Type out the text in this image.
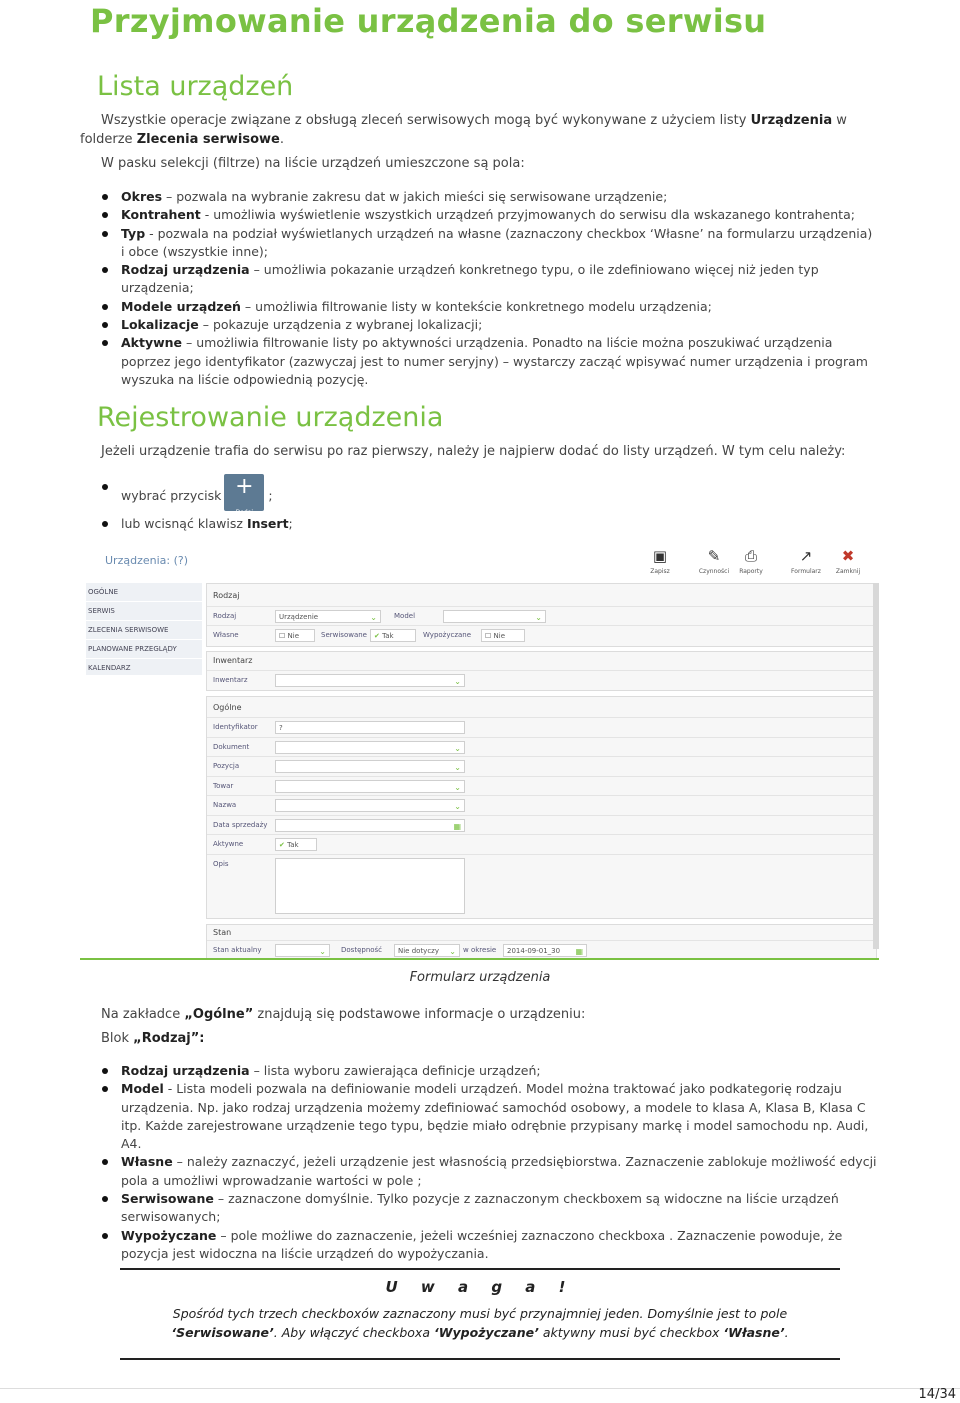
Przyjmowanie urządzenia do serwisu
Lista urządzeń
Wszystkie operacje związane z obsługą zleceń serwisowych mogą być wykonywane z użyciem listy Urządzenia w folderze Zlecenia serwisowe.
W pasku selekcji (filtrze) na liście urządzeń umieszczone są pola:
Okres – pozwala na wybranie zakresu dat w jakich mieści się serwisowane urządzenie;
Kontrahent - umożliwia wyświetlenie wszystkich urządzeń przyjmowanych do serwisu dla wskazanego kontrahenta;
Typ - pozwala na podział wyświetlanych urządzeń na własne (zaznaczony checkbox ‘Własne’ na formularzu urządzenia) i obce (wszystkie inne);
Rodzaj urządzenia – umożliwia pokazanie urządzeń konkretnego typu, o ile zdefiniowano więcej niż jeden typ urządzenia;
Modele urządzeń – umożliwia filtrowanie listy w kontekście konkretnego modelu urządzenia;
Lokalizacje – pokazuje urządzenia z wybranej lokalizacji;
Aktywne – umożliwia filtrowanie listy po aktywności urządzenia. Ponadto na liście można poszukiwać urządzenia poprzez jego identyfikator (zazwyczaj jest to numer seryjny) – wystarczy zacząć wpisywać numer urządzenia i program wyszuka na liście odpowiednią pozycję.
Rejestrowanie urządzenia
Jeżeli urządzenie trafia do serwisu po raz pierwszy, należy je najpierw dodać do listy urządzeń. W tym celu należy:
wybrać przycisk +
Dodaj
;
lub wcisnąć klawisz Insert;
Urządzenia: (?)	▣
Zapisz
✎
Czynności
⎙
Raporty
↗
Formularz
✖
Zamknij
OGÓLNE
SERWIS
ZLECENIA SERWISOWE
PLANOWANE PRZEGLĄDY
KALENDARZ
Rodzaj
Rodzaj	Urządzenie	⌄ Model	⌄
Własne	☐ Nie	Serwisowane	✔ Tak	Wypożyczane	☐ Nie
Inwentarz
Inwentarz	⌄
Ogólne
Identyfikator	?
Dokument	⌄
Pozycja	⌄
Towar	⌄
Nazwa	⌄
Data sprzedaży	▦
Aktywne	✔ Tak
Opis
Stan
Stan aktualny	⌄ Dostępność	Nie dotyczy ⌄ w okresie	2014-09-01_30 ▦
Formularz urządzenia
Na zakładce „Ogólne” znajdują się podstawowe informacje o urządzeniu:
Blok „Rodzaj”:
Rodzaj urządzenia – lista wyboru zawierająca definicje urządzeń;
Model - Lista modeli pozwala na definiowanie modeli urządzeń. Model można traktować jako podkategorię rodzaju urządzenia. Np. jako rodzaj urządzenia możemy zdefiniować samochód osobowy, a modele to klasa A, Klasa B, Klasa C itp. Każde zarejestrowane urządzenie tego typu, będzie miało odrębnie przypisany markę i model samochodu np. Audi, A4.
Własne – należy zaznaczyć, jeżeli urządzenie jest własnością przedsiębiorstwa. Zaznaczenie zablokuje możliwość edycji pola a umożliwi wprowadzanie wartości w pole ;
Serwisowane – zaznaczone domyślnie. Tylko pozycje z zaznaczonym checkboxem są widoczne na liście urządzeń serwisowanych;
Wypożyczane – pole możliwe do zaznaczenie, jeżeli wcześniej zaznaczono checkboxa . Zaznaczenie powoduje, że pozycja jest widoczna na liście urządzeń do wypożyczania.
U w a g a !
Spośród tych trzech checkboxów zaznaczony musi być przynajmniej jeden. Domyślnie jest to pole
‘Serwisowane’. Aby włączyć checkboxa ‘Wypożyczane’ aktywny musi być checkbox ‘Własne’.
14/34
